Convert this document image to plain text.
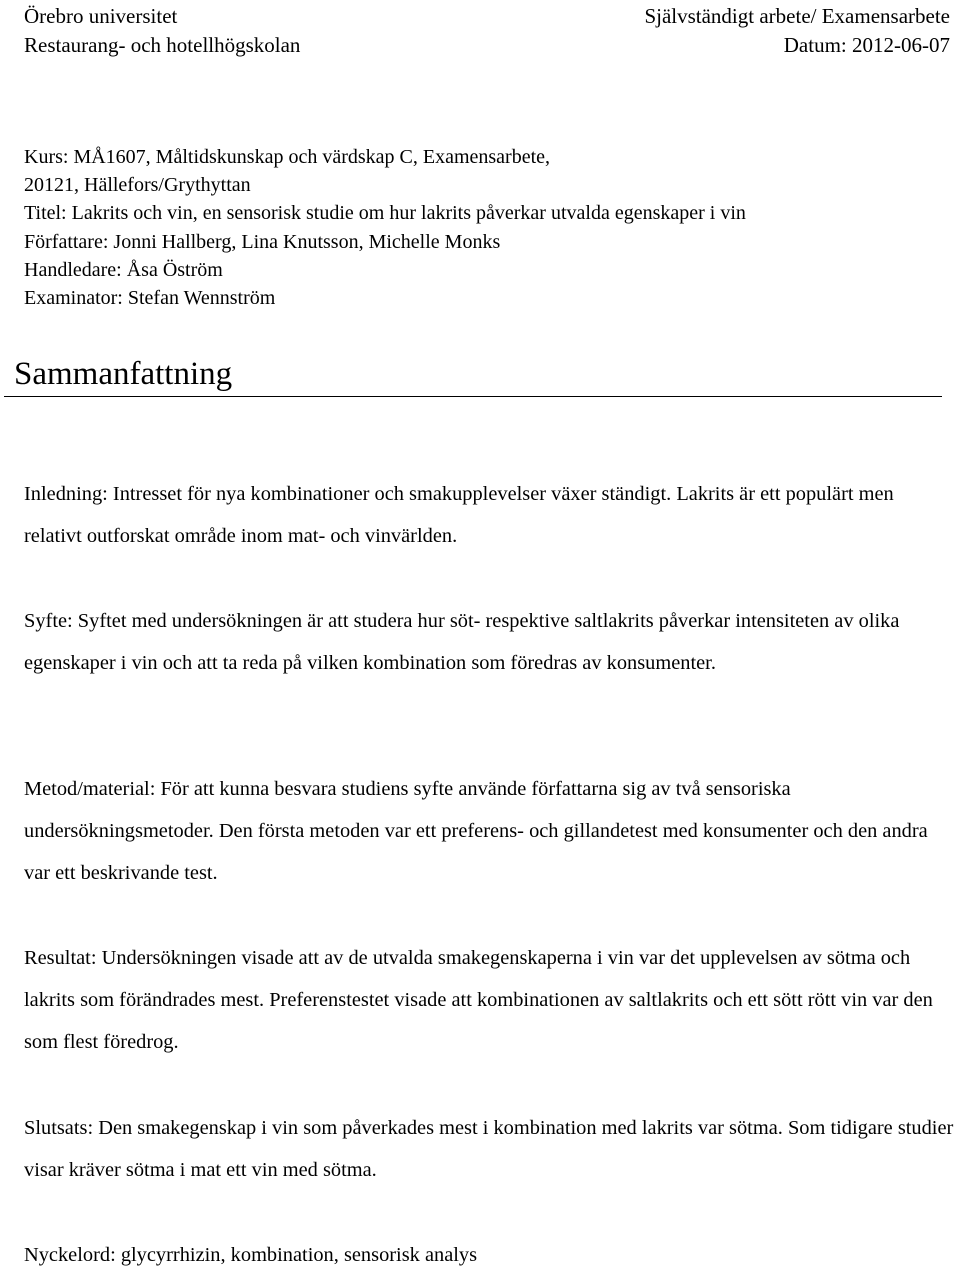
Örebro universitet	Självständigt arbete/ Examensarbete
Restaurang- och hotellhögskolan	Datum: 2012-06-07
Kurs: MÅ1607, Måltidskunskap och värdskap C, Examensarbete,
20121, Hällefors/Grythyttan
Titel: Lakrits och vin, en sensorisk studie om hur lakrits påverkar utvalda egenskaper i vin
Författare: Jonni Hallberg, Lina Knutsson, Michelle Monks
Handledare: Åsa Öström
Examinator: Stefan Wennström
Sammanfattning

Inledning: Intresset för nya kombinationer och smakupplevelser växer ständigt. Lakrits är ett populärt men relativt outforskat område inom mat- och vinvärlden.

Syfte: Syftet med undersökningen är att studera hur söt- respektive saltlakrits påverkar intensiteten av olika egenskaper i vin och att ta reda på vilken kombination som föredras av konsumenter.

Metod/material: För att kunna besvara studiens syfte använde författarna sig av två sensoriska undersökningsmetoder. Den första metoden var ett preferens- och gillandetest med konsumenter och den andra var ett beskrivande test.

Resultat: Undersökningen visade att av de utvalda smakegenskaperna i vin var det upplevelsen av sötma och lakrits som förändrades mest. Preferenstestet visade att kombinationen av saltlakrits och ett sött rött vin var den som flest föredrog.

Slutsats: Den smakegenskap i vin som påverkades mest i kombination med lakrits var sötma. Som tidigare studier visar kräver sötma i mat ett vin med sötma.

Nyckelord: glycyrrhizin, kombination, sensorisk analys
